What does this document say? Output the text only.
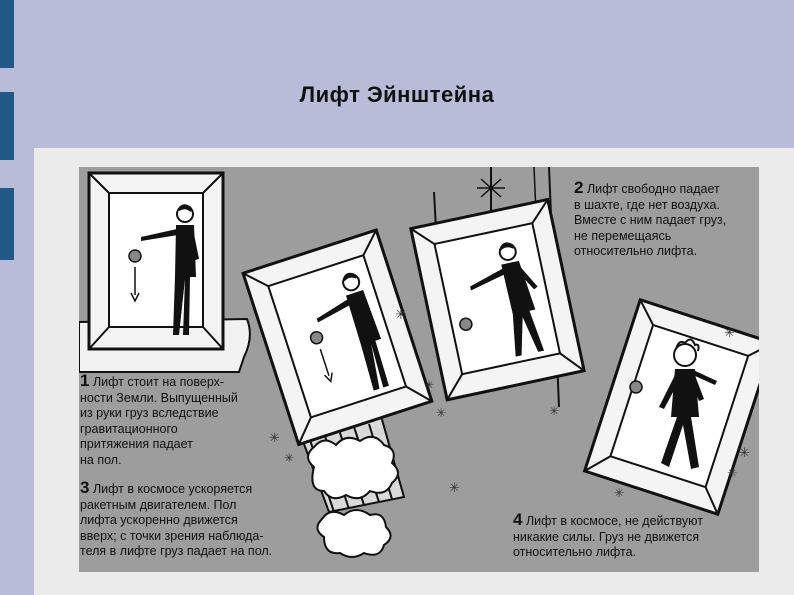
Лифт Эйнштейна
✳
✳
✳
✳
✳
✳
✳
✳
✳
✳
✳
1 Лифт стоит на поверх-
ности Земли. Выпущенный
из руки груз вследствие
гравитационного
притяжения падает
на пол.
2 Лифт свободно падает
в шахте, где нет воздуха.
Вместе с ним падает груз,
не перемещаясь
относительно лифта.
3 Лифт в космосе ускоряется
ракетным двигателем. Пол
лифта ускоренно движется
вверх; с точки зрения наблюда-
теля в лифте груз падает на пол.
4 Лифт в космосе, не действуют
никакие силы. Груз не движется
относительно лифта.
